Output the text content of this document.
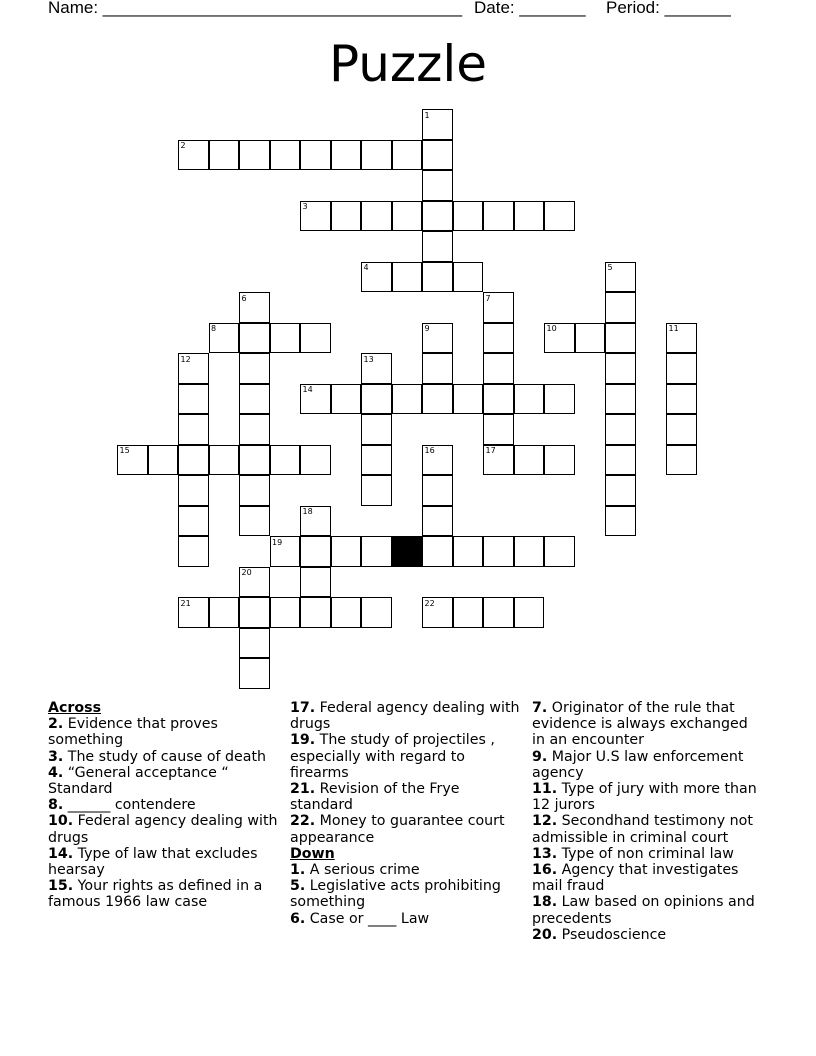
Name: ______________________________________ Date: _______ Period: _______
Puzzle
1
2
3
4	5
6	7
8	9	10	11
12	13
14
15	16	17
18
19
20
21	22
Across
2. Evidence that proves something
3. The study of cause of death
4. “General acceptance “ Standard
8. ______ contendere
10. Federal agency dealing with drugs
14. Type of law that excludes hearsay
15. Your rights as defined in a famous 1966 law case
17. Federal agency dealing with drugs
19. The study of projectiles , especially with regard to firearms
21. Revision of the Frye standard
22. Money to guarantee court appearance
Down
1. A serious crime
5. Legislative acts prohibiting something
6. Case or ____ Law
7. Originator of the rule that evidence is always exchanged in an encounter
9. Major U.S law enforcement agency
11. Type of jury with more than 12 jurors
12. Secondhand testimony not admissible in criminal court
13. Type of non criminal law
16. Agency that investigates mail fraud
18. Law based on opinions and precedents
20. Pseudoscience
